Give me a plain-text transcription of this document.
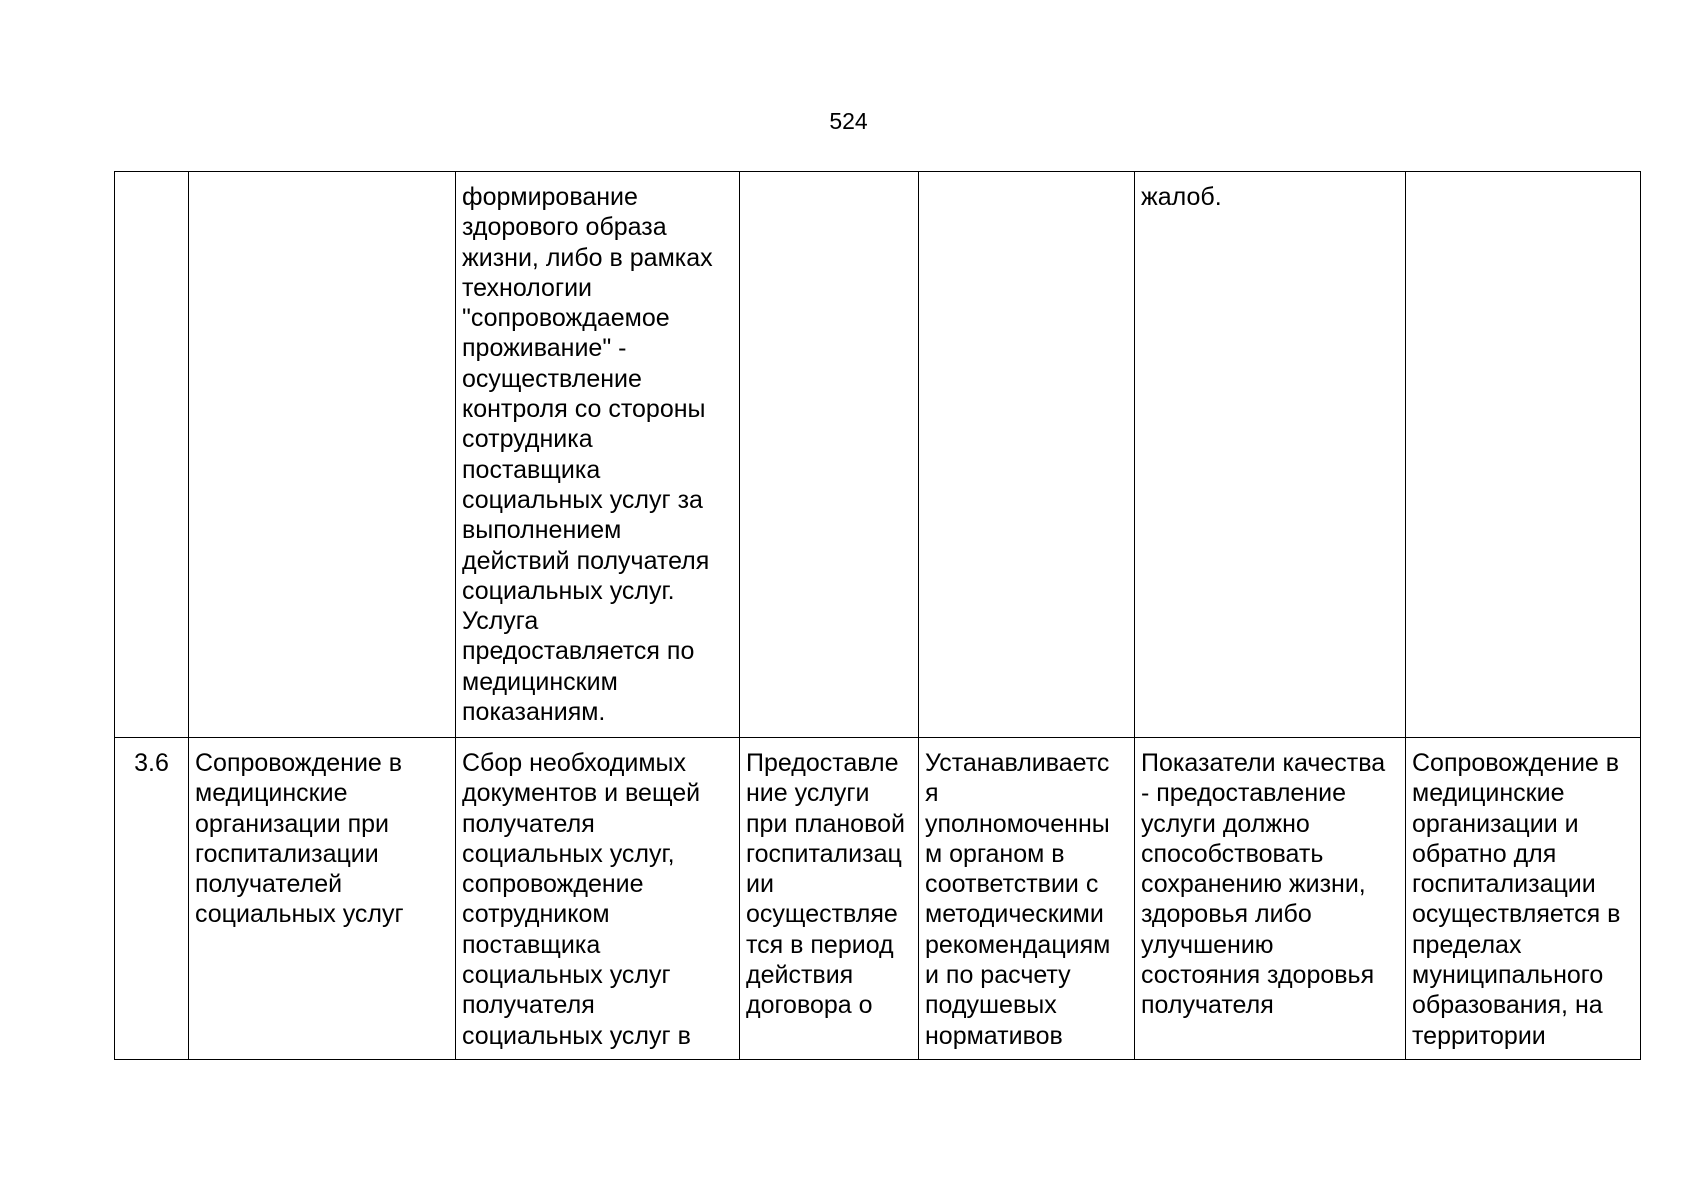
524
		формирование здорового образа жизни, либо в рамках технологии "сопровождаемое проживание" - осуществление контроля со стороны сотрудника поставщика социальных услуг за выполнением действий получателя социальных услуг. Услуга предоставляется по медицинским показаниям.			жалоб.	
3.6	Сопровождение в медицинские организации при госпитализации получателей социальных услуг	Сбор необходимых документов и вещей получателя социальных услуг, сопровождение сотрудником поставщика социальных услуг получателя социальных услуг в	Предоставле ние услуги при плановой госпитализац ии осуществляе тся в период действия договора о	Устанавливаетс я уполномоченны м органом в соответствии с методическими рекомендациям и по расчету подушевых нормативов	Показатели качества - предоставление услуги должно способствовать сохранению жизни, здоровья либо улучшению состояния здоровья получателя	Сопровождение в медицинские организации и обратно для госпитализации осуществляется в пределах муниципального образования, на территории
